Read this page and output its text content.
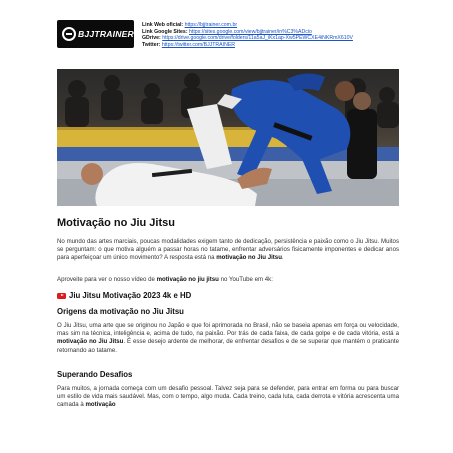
BJJTRAINER
Link Web oficial: https://bjjtrainer.com.br
Link Google Sites: https://sites.google.com/view/bjjtrainer/in%C3%ADcio
GDrive: https://drive.google.com/drive/folders/11a5aJ_iKx1ap-Xw5PEWCXE4iNKRmX610V
Twitter: https://twitter.com/BJJTRAINER
Motivação no Jiu Jitsu

No mundo das artes marciais, poucas modalidades exigem tanto de dedicação, persistência e paixão como o Jiu Jitsu. Muitos se perguntam: o que motiva alguém a passar horas no tatame, enfrentar adversários fisicamente imponentes e dedicar anos para aperfeiçoar um único movimento? A resposta está na motivação no Jiu Jitsu.

Aproveite para ver o nosso vídeo de motivação no jiu jitsu no YouTube em 4k:

Jiu Jitsu Motivação 2023 4k e HD
Origens da motivação no Jiu Jitsu

O Jiu Jitsu, uma arte que se originou no Japão e que foi aprimorada no Brasil, não se baseia apenas em força ou velocidade, mas sim na técnica, inteligência e, acima de tudo, na paixão. Por trás de cada faixa, de cada golpe e de cada vitória, está a motivação no Jiu Jitsu. É esse desejo ardente de melhorar, de enfrentar desafios e de se superar que mantém o praticante retornando ao tatame.

Superando Desafios

Para muitos, a jornada começa com um desafio pessoal. Talvez seja para se defender, para entrar em forma ou para buscar um estilo de vida mais saudável. Mas, com o tempo, algo muda. Cada treino, cada luta, cada derrota e vitória acrescenta uma camada à motivação
